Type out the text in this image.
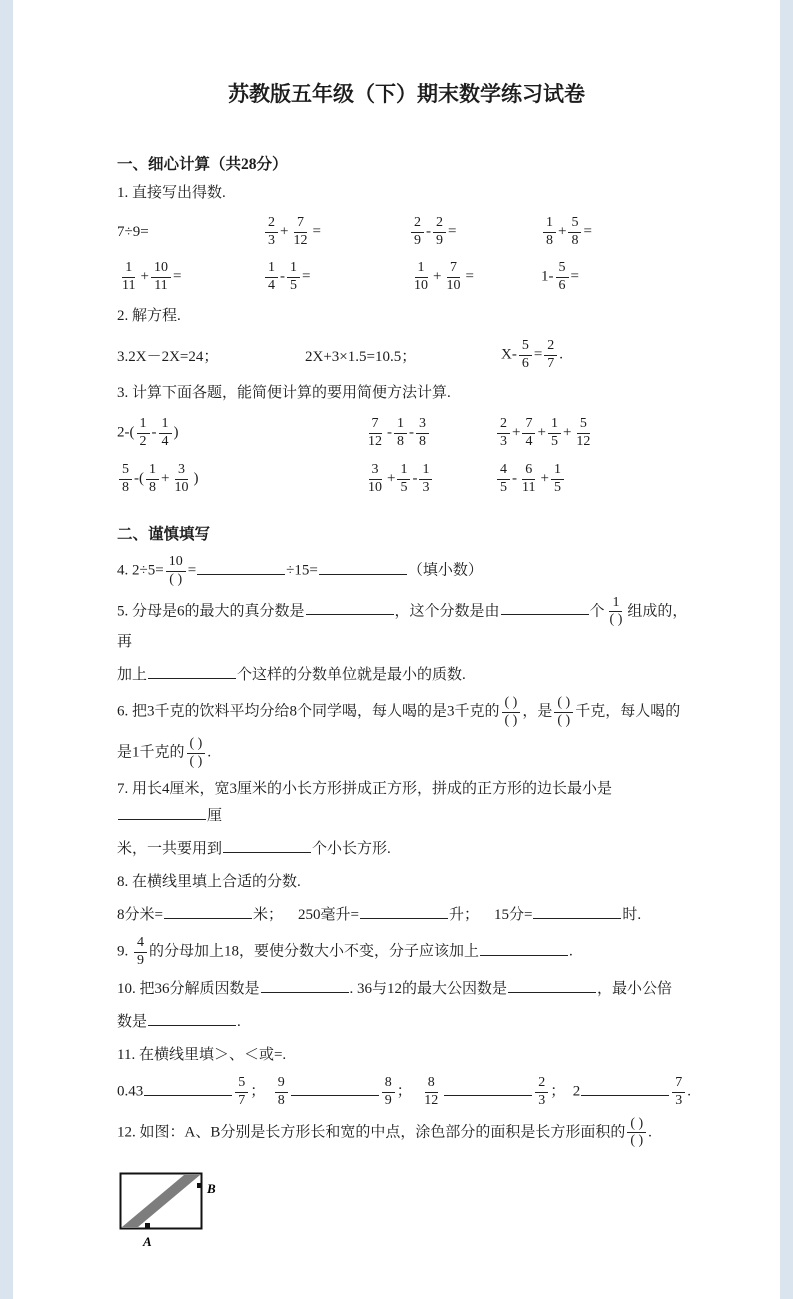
苏教版五年级（下）期末数学练习试卷
一、细心计算（共28分）
1. 直接写出得数.
7÷9=	$\frac{2}{3} + \frac{7}{12}$ =	$\frac{2}{9} - \frac{2}{9}$ =	$\frac{1}{8} + \frac{5}{8}$ =
$\frac{1}{11} + \frac{10}{11}$ =	$\frac{1}{4} - \frac{1}{5}$ =	$\frac{1}{10} + \frac{7}{10}$ =	$1- \frac{5}{6}$ =
2. 解方程.
3.2X－2X=24；	2X+3×1.5=10.5；	$X- \frac{5}{6} = \frac{2}{7}$ .
3. 计算下面各题，能简便计算的要用简便方法计算.
$2-( \frac{1}{2} - \frac{1}{4}$ )	$\frac{7}{12} - \frac{1}{8} - \frac{3}{8}$	$\frac{2}{3} + \frac{7}{4} + \frac{1}{5} + \frac{5}{12}$
$\frac{5}{8}$ -( $\frac{1}{8} + \frac{3}{10}$ )	$\frac{3}{10} + \frac{1}{5} - \frac{1}{3}$	$\frac{4}{5} - \frac{6}{11} + \frac{1}{5}$
二、谨慎填写
4. $2\div 5= \frac{10}{( )}$ =	÷15=	（填小数）
5. 分母是6的最大的真分数是	，这个分数是由	个 $\frac{1}{( )}$ 组成的，再
加上	个这样的分数单位就是最小的质数.
6. 把3千克的饮料平均分给8个同学喝，每人喝的是3千克的 $\frac{( )}{( )}$ ，是 $\frac{( )}{( )}$ 千克，每人喝的
是1千克的 $\frac{( )}{( )}$ .
7. 用长4厘米，宽3厘米的小长方形拼成正方形，拼成的正方形的边长最小是厘
米，一共要用到	个小长方形.
8. 在横线里填上合适的分数.
8分米=	米；    250毫升=	升；    15分=	时.
9. $\frac{4}{9}$ 的分母加上18，要使分数大小不变，分子应该加上	.
10. 把36分解质因数是	. 36与12的最大公因数是	，最小公倍
数是	.
11. 在横线里填＞、＜或=.
0.43	$\frac{5}{7}$ ； $\frac{9}{8}$	$\frac{8}{9}$ ； $\frac{8}{12}$	$\frac{2}{3}$ ；  2	$\frac{7}{3}$ .
12. 如图：A、B分别是长方形长和宽的中点，涂色部分的面积是长方形面积的 $\frac{( )}{( )}$ .
B
A
